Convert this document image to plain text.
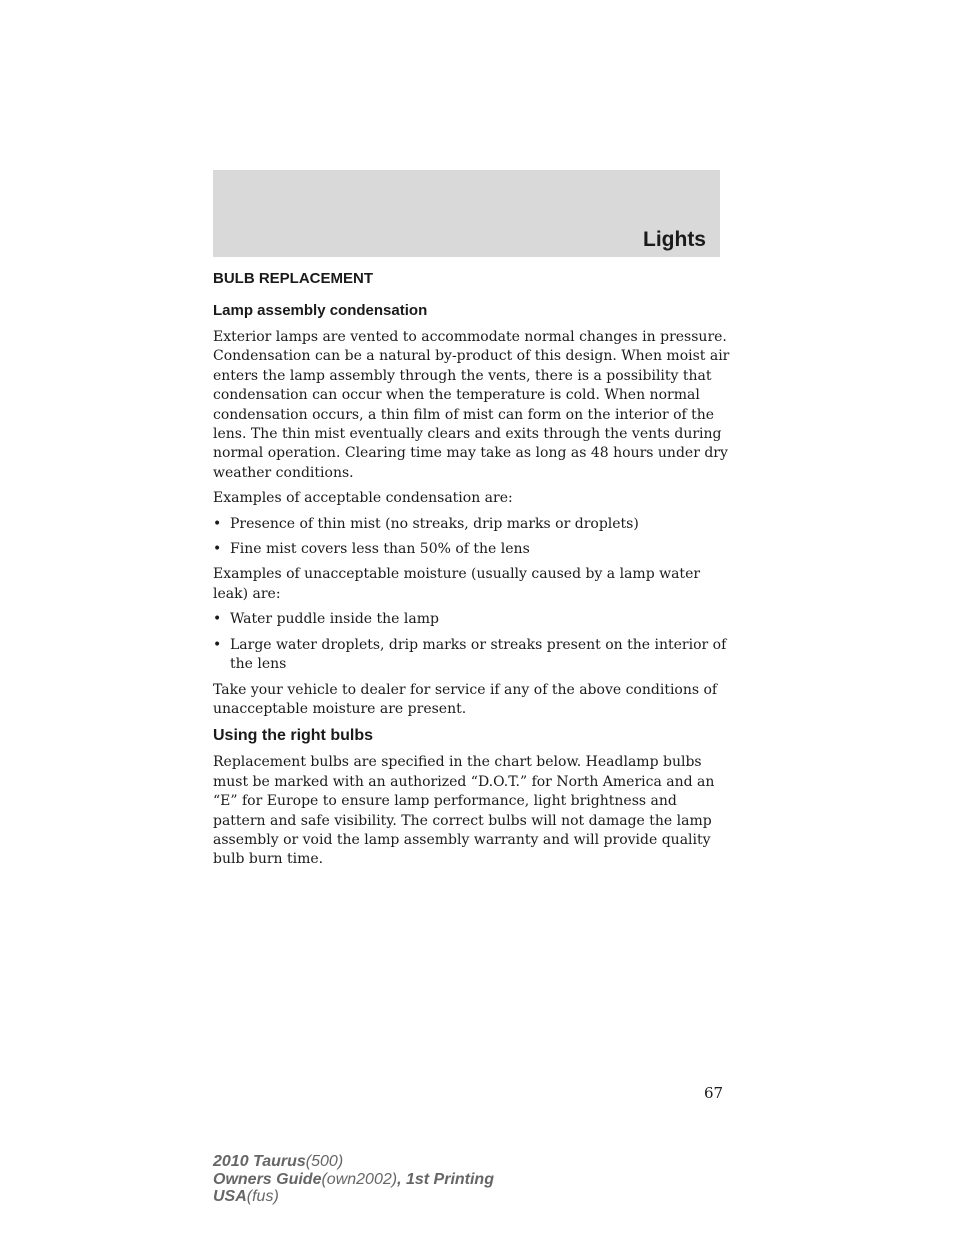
Lights
BULB REPLACEMENT
Lamp assembly condensation

Exterior lamps are vented to accommodate normal changes in pressure. Condensation can be a natural by-product of this design. When moist air enters the lamp assembly through the vents, there is a possibility that condensation can occur when the temperature is cold. When normal condensation occurs, a thin film of mist can form on the interior of the lens. The thin mist eventually clears and exits through the vents during normal operation. Clearing time may take as long as 48 hours under dry weather conditions.

Examples of acceptable condensation are:

• Presence of thin mist (no streaks, drip marks or droplets)
• Fine mist covers less than 50% of the lens

Examples of unacceptable moisture (usually caused by a lamp water leak) are:

• Water puddle inside the lamp
• Large water droplets, drip marks or streaks present on the interior of the lens

Take your vehicle to dealer for service if any of the above conditions of unacceptable moisture are present.

Using the right bulbs

Replacement bulbs are specified in the chart below. Headlamp bulbs must be marked with an authorized “D.O.T.” for North America and an “E” for Europe to ensure lamp performance, light brightness and pattern and safe visibility. The correct bulbs will not damage the lamp assembly or void the lamp assembly warranty and will provide quality bulb burn time.

67
2010 Taurus(500)
Owners Guide(own2002), 1st Printing
USA(fus)
